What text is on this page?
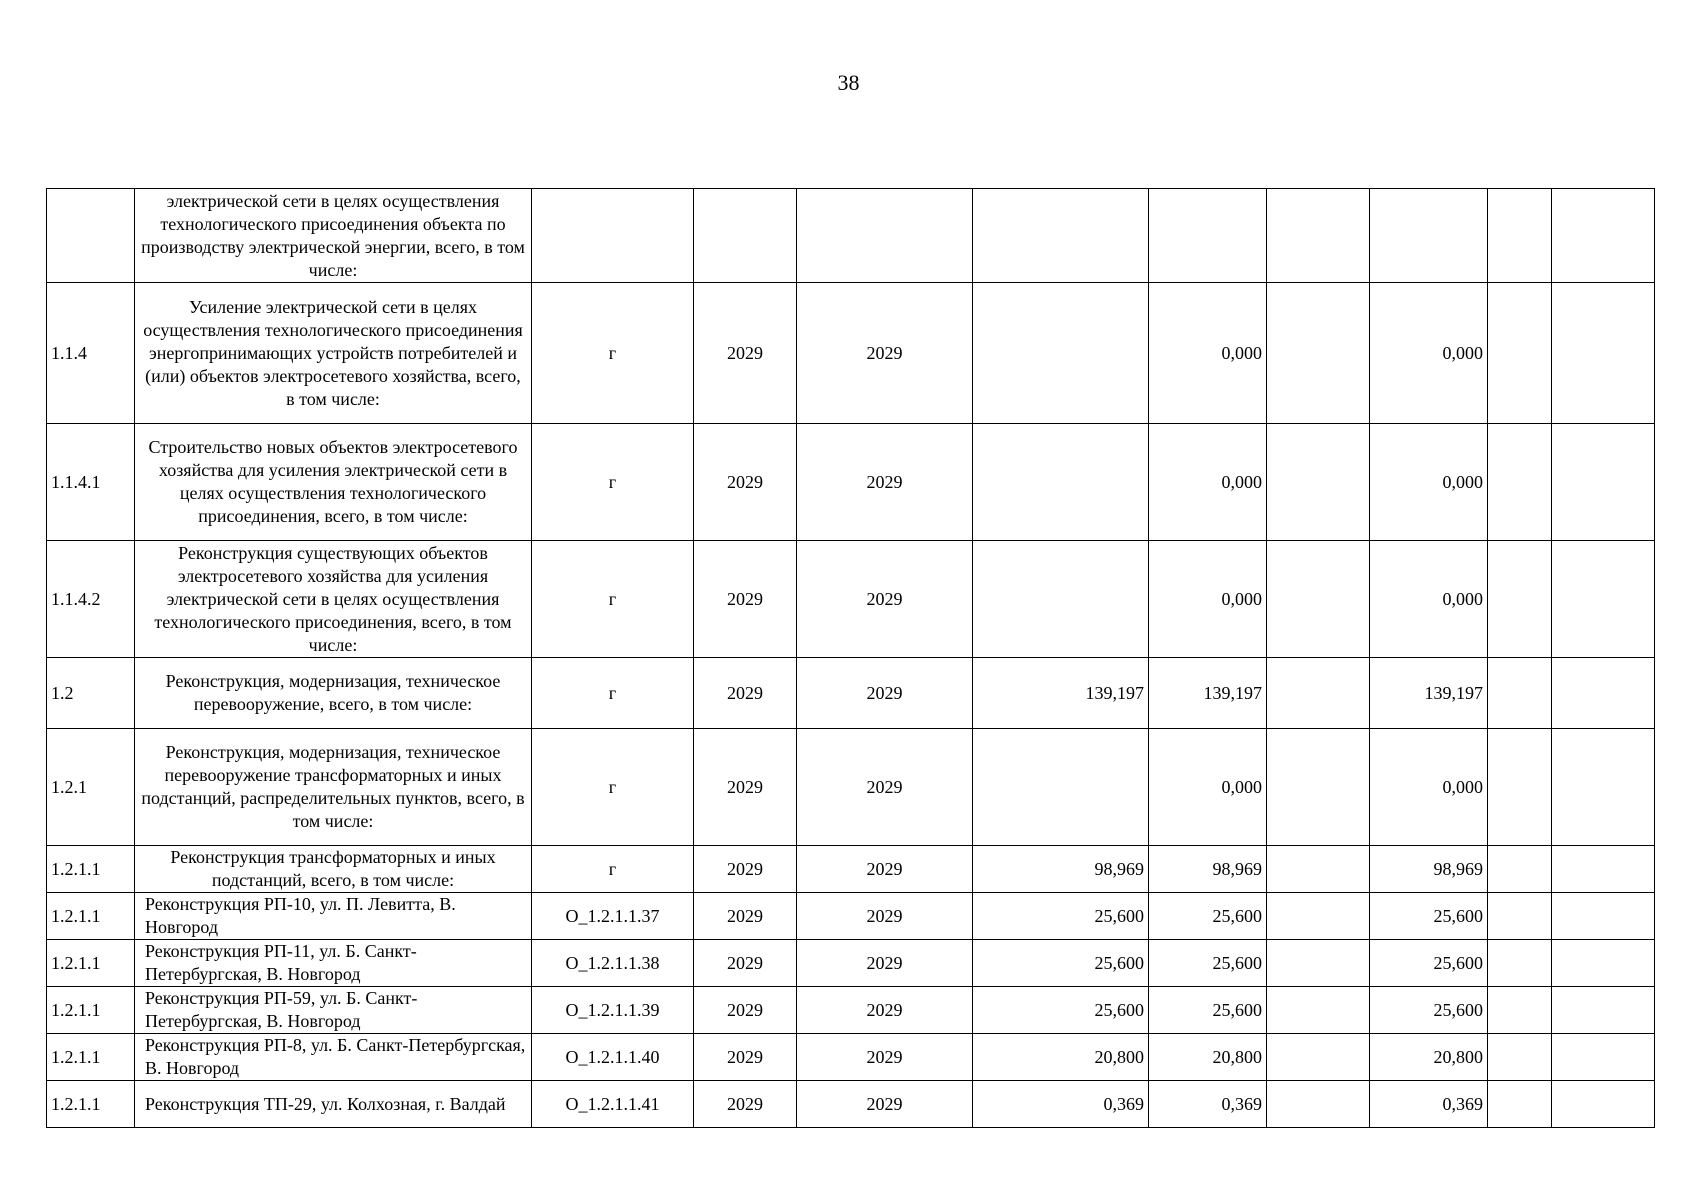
38
	электрической сети в целях осуществления технологического присоединения объекта по производству электрической энергии, всего, в том числе:									
1.1.4	Усиление электрической сети в целях осуществления технологического присоединения энергопринимающих устройств потребителей и (или) объектов электросетевого хозяйства, всего, в том числе:	г	2029	2029		0,000		0,000		
1.1.4.1	Строительство новых объектов электросетевого хозяйства для усиления электрической сети в целях осуществления технологического присоединения, всего, в том числе:	г	2029	2029		0,000		0,000		
1.1.4.2	Реконструкция существующих объектов электросетевого хозяйства для усиления электрической сети в целях осуществления технологического присоединения, всего, в том числе:	г	2029	2029		0,000		0,000		
1.2	Реконструкция, модернизация, техническое перевооружение, всего, в том числе:	г	2029	2029	139,197	139,197		139,197		
1.2.1	Реконструкция, модернизация, техническое перевооружение трансформаторных и иных подстанций, распределительных пунктов, всего, в том числе:	г	2029	2029		0,000		0,000		
1.2.1.1	Реконструкция трансформаторных и иных подстанций, всего, в том числе:	г	2029	2029	98,969	98,969		98,969		
1.2.1.1	Реконструкция РП-10, ул. П. Левитта, В. Новгород	О_1.2.1.1.37	2029	2029	25,600	25,600		25,600		
1.2.1.1	Реконструкция РП-11, ул. Б. Санкт-Петербургская, В. Новгород	О_1.2.1.1.38	2029	2029	25,600	25,600		25,600		
1.2.1.1	Реконструкция РП-59, ул. Б. Санкт-Петербургская, В. Новгород	О_1.2.1.1.39	2029	2029	25,600	25,600		25,600		
1.2.1.1	Реконструкция РП-8, ул. Б. Санкт-Петербургская, В. Новгород	О_1.2.1.1.40	2029	2029	20,800	20,800		20,800		
1.2.1.1	Реконструкция ТП-29, ул. Колхозная, г. Валдай	О_1.2.1.1.41	2029	2029	0,369	0,369		0,369		
